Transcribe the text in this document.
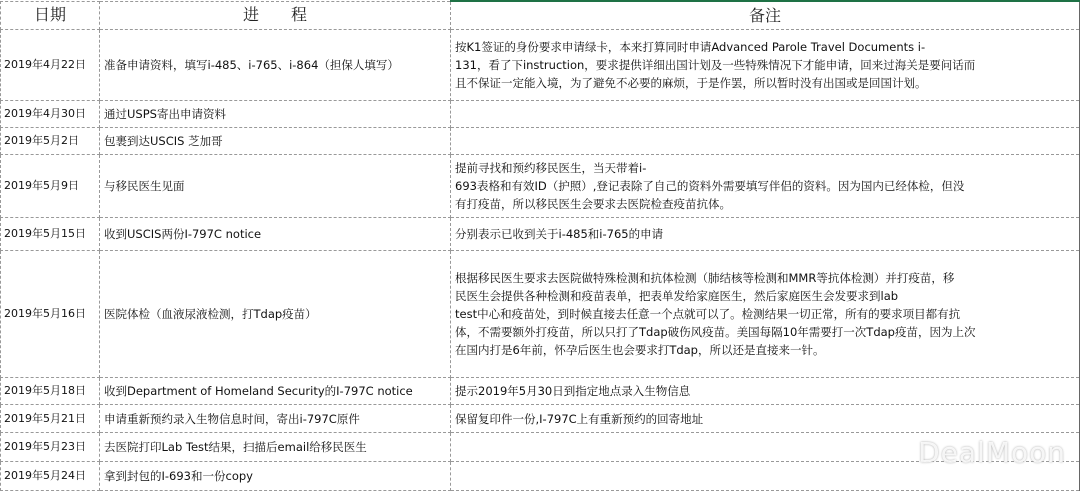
日期	进　　程	备注
2019年4月22日	准备申请资料，填写i-485、i-765、i-864（担保人填写）	按K1签证的身份要求申请绿卡，本来打算同时申请Advanced Parole Travel Documents i-
131，看了下instruction，要求提供详细出国计划及一些特殊情况下才能申请，回来过海关是要问话而
且不保证一定能入境，为了避免不必要的麻烦，于是作罢，所以暂时没有出国或是回国计划。

2019年4月30日	通过USPS寄出申请资料	
2019年5月2日	包裹到达USCIS 芝加哥	
2019年5月9日	与移民医生见面	提前寻找和预约移民医生，当天带着i-
693表格和有效ID（护照）,登记表除了自己的资料外需要填写伴侣的资料。因为国内已经体检，但没
有打疫苗，所以移民医生会要求去医院检查疫苗抗体。

2019年5月15日	收到USCIS两份I-797C notice	分别表示已收到关于i-485和i-765的申请

2019年5月16日	医院体检（血液尿液检测，打Tdap疫苗）	根据移民医生要求去医院做特殊检测和抗体检测（肺结核等检测和MMR等抗体检测）并打疫苗，移
民医生会提供各种检测和疫苗表单，把表单发给家庭医生，然后家庭医生会发要求到lab
test中心和疫苗处，到时候直接去任意一个点就可以了。检测结果一切正常，所有的要求项目都有抗
体，不需要额外打疫苗，所以只打了Tdap破伤风疫苗。美国每隔10年需要打一次Tdap疫苗，因为上次
在国内打是6年前，怀孕后医生也会要求打Tdap，所以还是直接来一针。

2019年5月18日	收到Department of Homeland Security的I-797C notice	提示2019年5月30日到指定地点录入生物信息

2019年5月21日	申请重新预约录入生物信息时间，寄出i-797C原件	保留复印件一份,I-797C上有重新预约的回寄地址

2019年5月23日	去医院打印Lab Test结果，扫描后email给移民医生	
2019年5月24日	拿到封包的I-693和一份copy	
DealMoon
